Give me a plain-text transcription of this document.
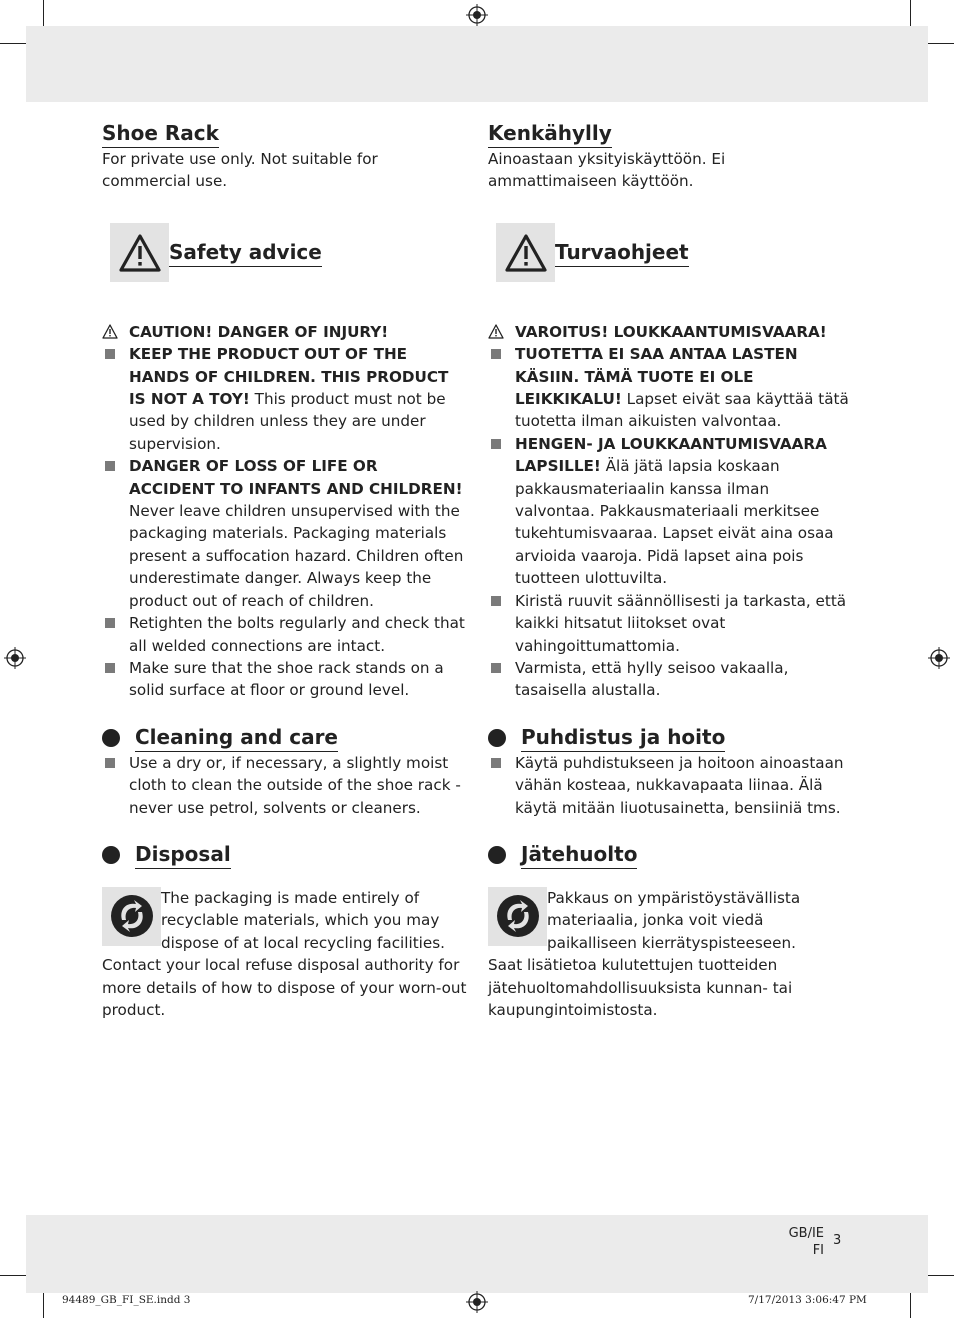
Shoe Rack

For private use only. Not suitable for commercial use.

Safety advice
CAUTION! DANGER OF INJURY!
KEEP THE PRODUCT OUT OF THE HANDS OF CHILDREN. THIS PRODUCT IS NOT A TOY! This product must not be used by children unless they are under supervision.
DANGER OF LOSS OF LIFE OR ACCIDENT TO INFANTS AND CHILDREN! Never leave children unsupervised with the packaging materials. Packaging materials present a suffocation hazard. Children often underestimate danger. Always keep the product out of reach of children.
Retighten the bolts regularly and check that all welded connections are intact.
Make sure that the shoe rack stands on a solid surface at floor or ground level.
Cleaning and care
Use a dry or, if necessary, a slightly moist cloth to clean the outside of the shoe rack - never use petrol, solvents or cleaners.
Disposal

The packaging is made entirely of recyclable materials, which you may dispose of at local recycling facilities.

Contact your local refuse disposal authority for more details of how to dispose of your worn-out product.

Kenkähylly

Ainoastaan yksityiskäyttöön. Ei ammattimaiseen käyttöön.

Turvaohjeet
VAROITUS! LOUKKAANTUMISVAARA!
TUOTETTA EI SAA ANTAA LASTEN KÄSIIN. TÄMÄ TUOTE EI OLE LEIKKIKALU! Lapset eivät saa käyttää tätä tuotetta ilman aikuisten valvontaa.
HENGEN- JA LOUKKAANTUMISVAARA LAPSILLE! Älä jätä lapsia koskaan pakkausmateriaalin kanssa ilman valvontaa. Pakkausmateriaali merkitsee tukehtumisvaaraa. Lapset eivät aina osaa arvioida vaaroja. Pidä lapset aina pois tuotteen ulottuvilta.
Kiristä ruuvit säännöllisesti ja tarkasta, että kaikki hitsatut liitokset ovat vahingoittumattomia.
Varmista, että hylly seisoo vakaalla, tasaisella alustalla.
Puhdistus ja hoito
Käytä puhdistukseen ja hoitoon ainoastaan vähän kosteaa, nukkavapaata liinaa. Älä käytä mitään liuotusainetta, bensiiniä tms.
Jätehuolto

Pakkaus on ympäristöystävällista materiaalia, jonka voit viedä paikalliseen kierrätyspisteeseen.

Saat lisätietoa kulutettujen tuotteiden jätehuoltomahdollisuuksista kunnan- tai kaupungintoimistosta.

GB/IE
FI
3
94489_GB_FI_SE.indd 3	7/17/2013 3:06:47 PM
